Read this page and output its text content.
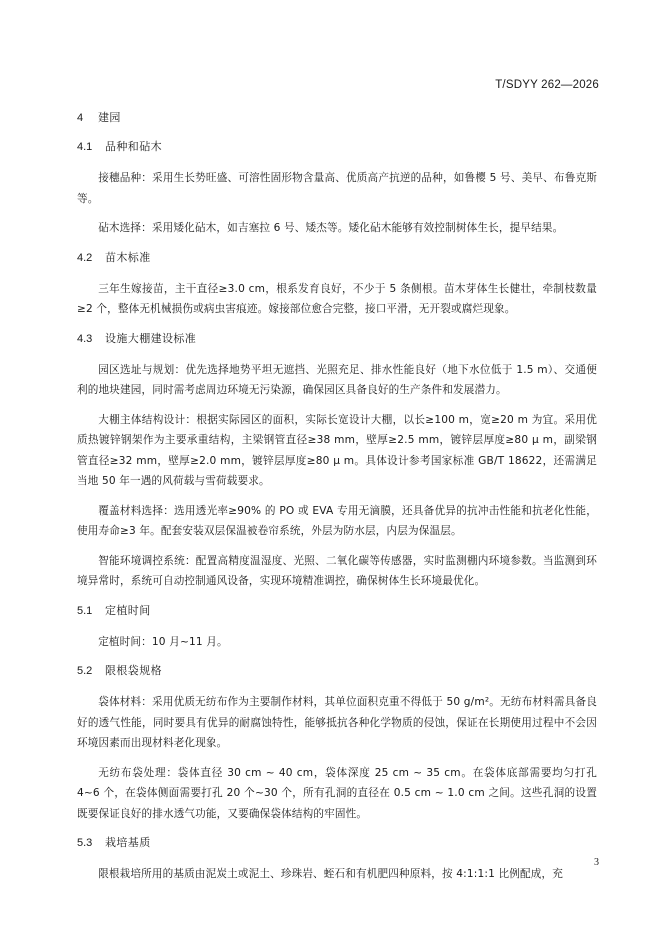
T/SDYY 262—2026
4	建园
4.1	品种和砧木

接穗品种：采用生长势旺盛、可溶性固形物含量高、优质高产抗逆的品种，如鲁樱 5 号、美早、布鲁克斯等。

砧木选择：采用矮化砧木，如吉塞拉 6 号、矮杰等。矮化砧木能够有效控制树体生长，提早结果。

4.2	苗木标准

三年生嫁接苗，主干直径≥3.0 cm，根系发育良好，不少于 5 条侧根。苗木芽体生长健壮，牵制枝数量≥2 个，整体无机械损伤或病虫害痕迹。嫁接部位愈合完整，接口平滑，无开裂或腐烂现象。

4.3	设施大棚建设标准

园区选址与规划：优先选择地势平坦无遮挡、光照充足、排水性能良好（地下水位低于 1.5 m）、交通便利的地块建园，同时需考虑周边环境无污染源，确保园区具备良好的生产条件和发展潜力。

大棚主体结构设计：根据实际园区的面积，实际长宽设计大棚，以长≥100 m，宽≥20 m 为宜。采用优质热镀锌钢架作为主要承重结构，主梁钢管直径≥38 mm，壁厚≥2.5 mm，镀锌层厚度≥80 μ m，副梁钢管直径≥32 mm，壁厚≥2.0 mm，镀锌层厚度≥80 μ m。具体设计参考国家标准 GB/T 18622，还需满足当地 50 年一遇的风荷载与雪荷载要求。

覆盖材料选择：选用透光率≥90% 的 PO 或 EVA 专用无滴膜，还具备优异的抗冲击性能和抗老化性能，使用寿命≥3 年。配套安装双层保温被卷帘系统，外层为防水层，内层为保温层。

智能环境调控系统：配置高精度温湿度、光照、二氧化碳等传感器，实时监测棚内环境参数。当监测到环境异常时，系统可自动控制通风设备，实现环境精准调控，确保树体生长环境最优化。

5.1	定植时间

定植时间：10 月~11 月。

5.2	限根袋规格

袋体材料：采用优质无纺布作为主要制作材料，其单位面积克重不得低于 50 g/m²。无纺布材料需具备良好的透气性能，同时要具有优异的耐腐蚀特性，能够抵抗各种化学物质的侵蚀，保证在长期使用过程中不会因环境因素而出现材料老化现象。

无纺布袋处理：袋体直径 30 cm ~ 40 cm，袋体深度 25 cm ~ 35 cm。在袋体底部需要均匀打孔 4~6 个，在袋体侧面需要打孔 20 个~30 个，所有孔洞的直径在 0.5 cm ~ 1.0 cm 之间。这些孔洞的设置既要保证良好的排水透气功能，又要确保袋体结构的牢固性。

5.3	栽培基质

限根栽培所用的基质由泥炭土或泥土、珍珠岩、蛭石和有机肥四种原料，按 4:1:1:1 比例配成，充

3
